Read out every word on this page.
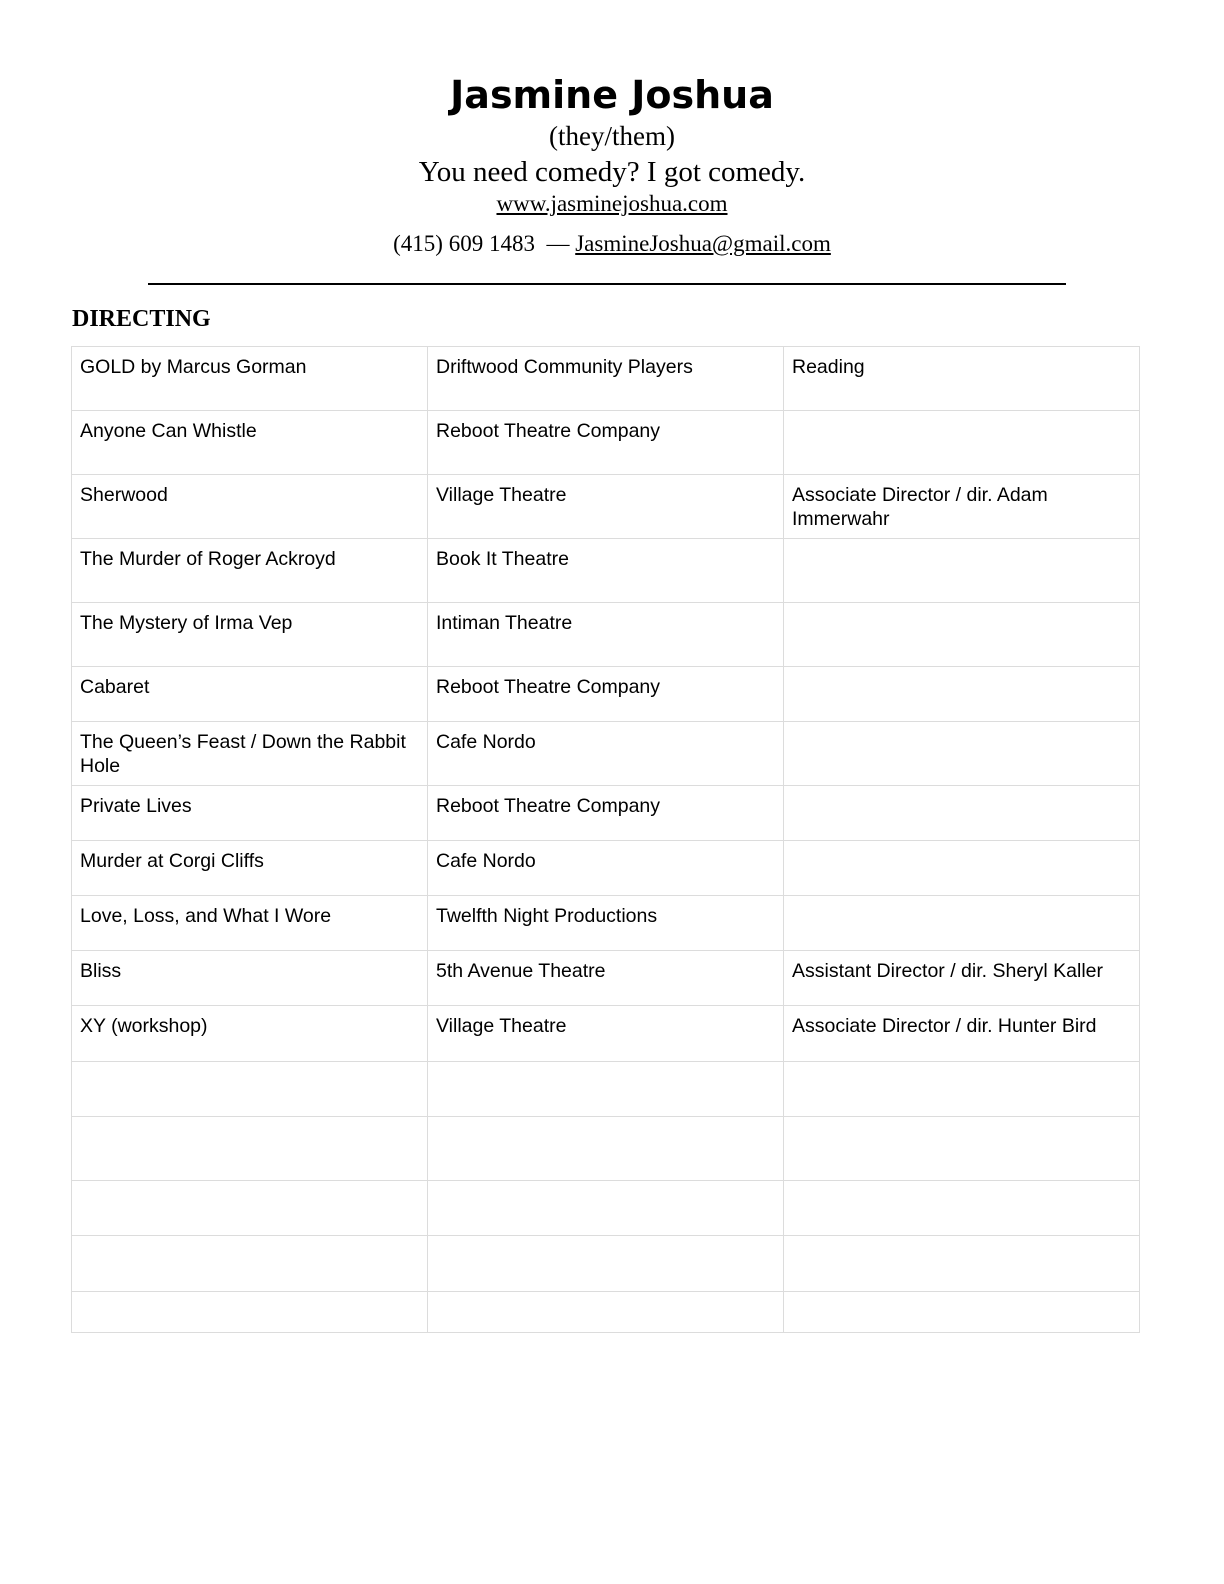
Jasmine Joshua
(they/them)
You need comedy? I got comedy.
www.jasminejoshua.com
(415) 609 1483 — JasmineJoshua@gmail.com
DIRECTING
GOLD by Marcus Gorman	Driftwood Community Players	Reading
Anyone Can Whistle	Reboot Theatre Company	
Sherwood	Village Theatre	Associate Director / dir. Adam Immerwahr
The Murder of Roger Ackroyd	Book It Theatre	
The Mystery of Irma Vep	Intiman Theatre	
Cabaret	Reboot Theatre Company	
The Queen’s Feast / Down the Rabbit Hole	Cafe Nordo	
Private Lives	Reboot Theatre Company	
Murder at Corgi Cliffs	Cafe Nordo	
Love, Loss, and What I Wore	Twelfth Night Productions	
Bliss	5th Avenue Theatre	Assistant Director / dir. Sheryl Kaller
XY (workshop)	Village Theatre	Associate Director / dir. Hunter Bird
